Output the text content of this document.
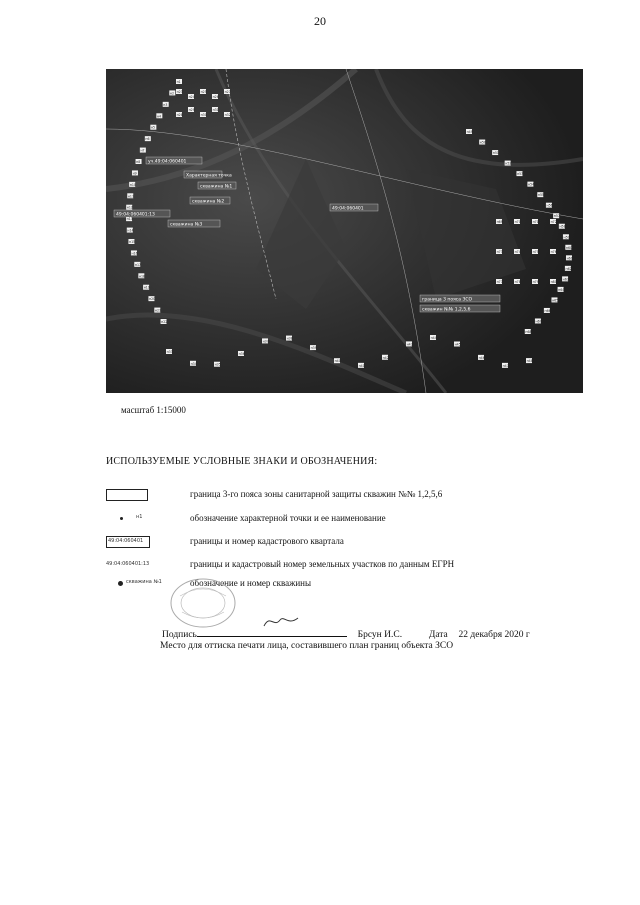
20
н1
н2
н3
н4
н5
н6
н7
н8
н9
н10
н11
н12
н13
н14
н15
н16
н17
н18
н19
н20
н21
н22
н23
н24
н25
н26
н27
н28
н29
н30
н31
н32
н33
н34	н35
н36
н37
н38
н39
н40
н41
н42
н43
н44
н45
н46
н47
н48
н49
н50
н51
н52
н53
н54
н55
н56
н57
н58
н59
н60
н61
н62
н63
н64
н65
н66
н67
н68
н69	н70	н71	н72
н73	н74	н75	н76
н77	н78	н79	н80
уч.49:04:060401
Характерная точка
скважина №1
скважина №2
49:04:060401:13
скважина №3
49:04:060401
граница 3 пояса ЗСО
скважин №№ 1,2,5,6
масштаб 1:15000
ИСПОЛЬЗУЕМЫЕ УСЛОВНЫЕ ЗНАКИ И ОБОЗНАЧЕНИЯ:
граница 3-го пояса зоны санитарной защиты скважин №№ 1,2,5,6
н1	обозначение характерной точки и ее наименование
49:04:060401	границы и номер кадастрового квартала
49:04:060401:13	границы и кадастровый номер земельных участков по данным ЕГРН
скважина №1	обозначение и номер скважины
Подпись	Брсун И.С.	Дата 22 декабря 2020 г
Место для оттиска печати лица, составившего план границ объекта ЗСО
